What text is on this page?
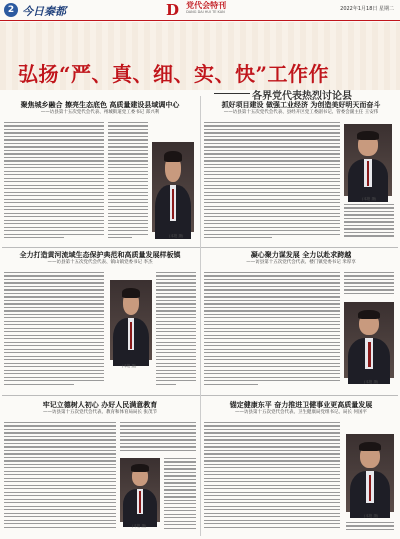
2 今日秦都	D 党代会特刊
DANG DAI HUI TE KAN	2022年1月18日 星期二
弘扬“严、真、细、实、快”工作作
各界党代表热烈讨论县
聚焦城乡融合 擦亮生态底色 高质量建设县域调中心
——访县第十五次党代会代表、州城街道党工委书记 郑兴利
(本报 摄)
抓好项目建设 做强工业经济 为创造美好明天而奋斗
——访县第十五次党代会代表、县经开区党工委副书记、管委会副主任 王安伟
(本报 摄)
全力打造黄河流域生态保护典范和高质量发展样板镇
——访县第十五次党代会代表、镇山镇党委书记 李杰
(本报 摄)
凝心聚力谋发展 全力以赴求跨越
——访县第十五次党代会代表、楼门镇党委书记 米厚享
(本报 摄)
牢记立德树人初心 办好人民满意教育
——访县第十五次党代会代表、教育和体育局局长 张茂节
(本报 摄)
锚定健康东平 奋力推进卫健事业更高质量发展
——访县第十五次党代会代表、卫生健康局党组书记、局长 何国平
(本报 摄)
